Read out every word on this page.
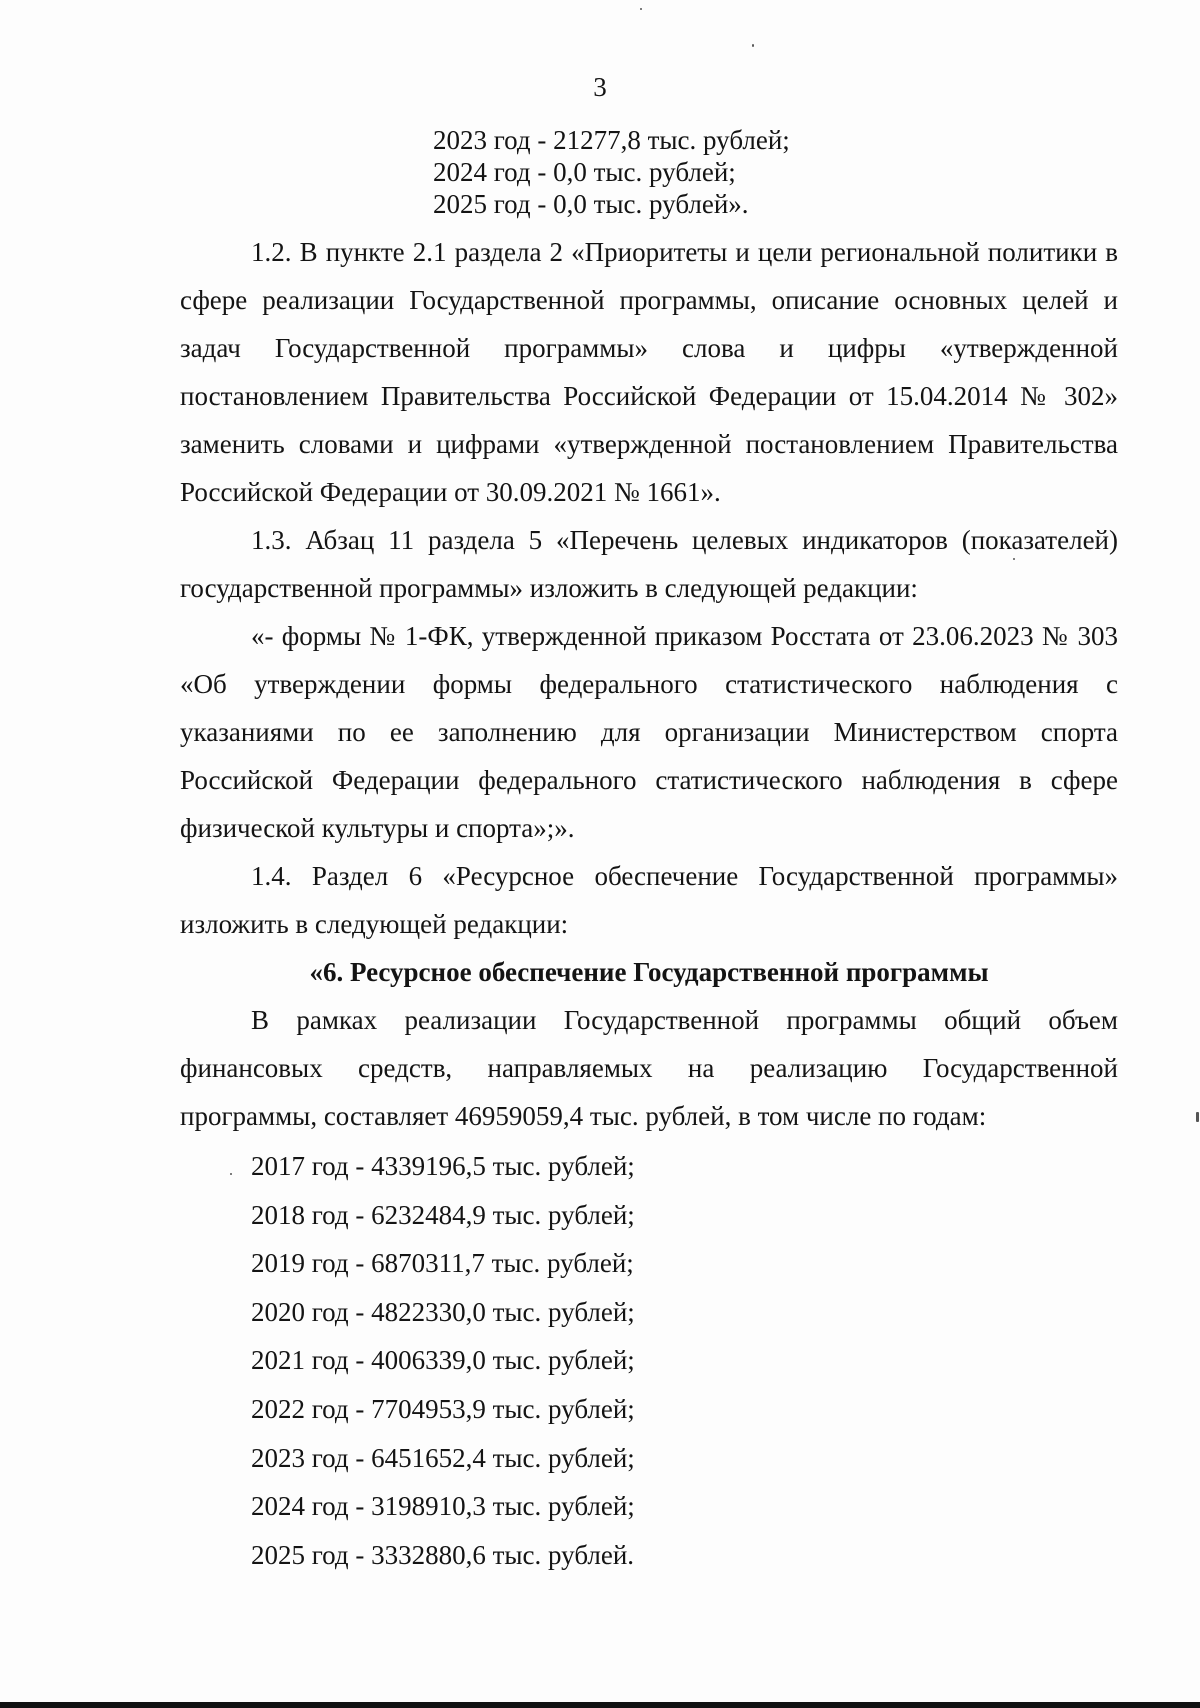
3
2023 год - 21277,8 тыс. рублей;
2024 год - 0,0 тыс. рублей;
2025 год - 0,0 тыс. рублей».

1.2. В пункте 2.1 раздела 2 «Приоритеты и цели региональной политики в сфере реализации Государственной программы, описание основных целей и задач Государственной программы» слова и цифры «утвержденной постановлением Правительства Российской Федерации от 15.04.2014 № 302» заменить словами и цифрами «утвержденной постановлением Правительства Российской Федерации от 30.09.2021 № 1661».

1.3. Абзац 11 раздела 5 «Перечень целевых индикаторов (показателей) государственной программы» изложить в следующей редакции:

«- формы № 1-ФК, утвержденной приказом Росстата от 23.06.2023 № 303 «Об утверждении формы федерального статистического наблюдения с указаниями по ее заполнению для организации Министерством спорта Российской Федерации федерального статистического наблюдения в сфере физической культуры и спорта»;».

1.4. Раздел 6 «Ресурсное обеспечение Государственной программы» изложить в следующей редакции:

«6. Ресурсное обеспечение Государственной программы

В рамках реализации Государственной программы общий объем финансовых средств, направляемых на реализацию Государственной программы, составляет 46959059,4 тыс. рублей, в том числе по годам:

2017 год - 4339196,5 тыс. рублей;
2018 год - 6232484,9 тыс. рублей;
2019 год - 6870311,7 тыс. рублей;
2020 год - 4822330,0 тыс. рублей;
2021 год - 4006339,0 тыс. рублей;
2022 год - 7704953,9 тыс. рублей;
2023 год - 6451652,4 тыс. рублей;
2024 год - 3198910,3 тыс. рублей;
2025 год - 3332880,6 тыс. рублей.
